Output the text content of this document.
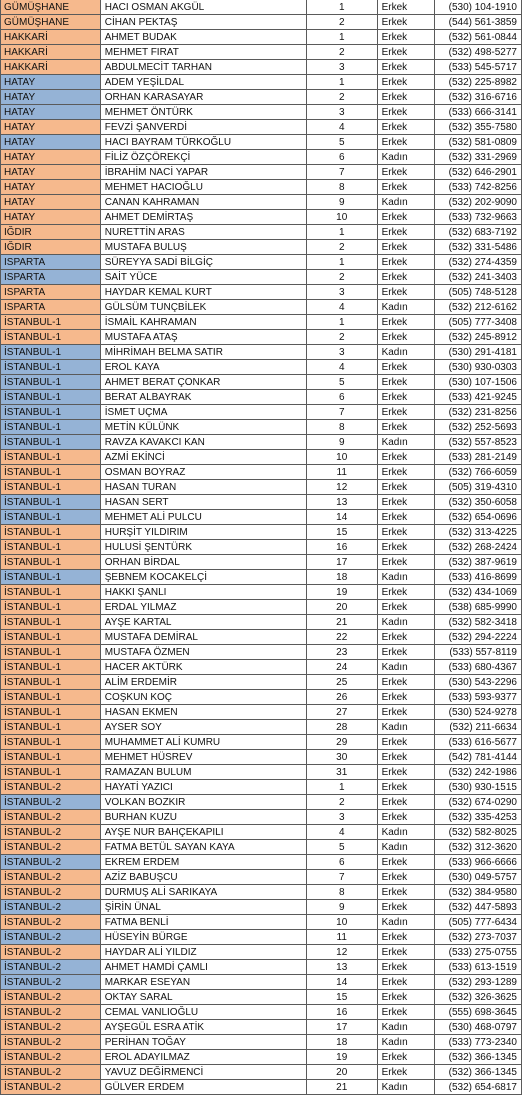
GÜMÜŞHANE	HACI OSMAN AKGÜL	1	Erkek	(530) 104-1910
GÜMÜŞHANE	CİHAN PEKTAŞ	2	Erkek	(544) 561-3859
HAKKARİ	AHMET BUDAK	1	Erkek	(532) 561-0844
HAKKARİ	MEHMET FIRAT	2	Erkek	(532) 498-5277
HAKKARİ	ABDULMECİT TARHAN	3	Erkek	(533) 545-5717
HATAY	ADEM YEŞİLDAL	1	Erkek	(532) 225-8982
HATAY	ORHAN KARASAYAR	2	Erkek	(532) 316-6716
HATAY	MEHMET ÖNTÜRK	3	Erkek	(533) 666-3141
HATAY	FEVZİ ŞANVERDİ	4	Erkek	(532) 355-7580
HATAY	HACI BAYRAM TÜRKOĞLU	5	Erkek	(532) 581-0809
HATAY	FİLİZ ÖZÇÖREKÇİ	6	Kadın	(532) 331-2969
HATAY	İBRAHİM NACİ YAPAR	7	Erkek	(532) 646-2901
HATAY	MEHMET HACIOĞLU	8	Erkek	(533) 742-8256
HATAY	CANAN KAHRAMAN	9	Kadın	(532) 202-9090
HATAY	AHMET DEMİRTAŞ	10	Erkek	(533) 732-9663
IĞDIR	NURETTİN ARAS	1	Erkek	(532) 683-7192
IĞDIR	MUSTAFA BULUŞ	2	Erkek	(532) 331-5486
ISPARTA	SÜREYYA SADİ BİLGİÇ	1	Erkek	(532) 274-4359
ISPARTA	SAİT YÜCE	2	Erkek	(532) 241-3403
ISPARTA	HAYDAR KEMAL KURT	3	Erkek	(505) 748-5128
ISPARTA	GÜLSÜM TUNÇBİLEK	4	Kadın	(532) 212-6162
İSTANBUL-1	İSMAİL KAHRAMAN	1	Erkek	(505) 777-3408
İSTANBUL-1	MUSTAFA ATAŞ	2	Erkek	(532) 245-8912
İSTANBUL-1	MİHRİMAH BELMA SATIR	3	Kadın	(530) 291-4181
İSTANBUL-1	EROL KAYA	4	Erkek	(530) 930-0303
İSTANBUL-1	AHMET BERAT ÇONKAR	5	Erkek	(530) 107-1506
İSTANBUL-1	BERAT ALBAYRAK	6	Erkek	(533) 421-9245
İSTANBUL-1	İSMET UÇMA	7	Erkek	(532) 231-8256
İSTANBUL-1	METİN KÜLÜNK	8	Erkek	(532) 252-5693
İSTANBUL-1	RAVZA KAVAKCI KAN	9	Kadın	(532) 557-8523
İSTANBUL-1	AZMİ EKİNCİ	10	Erkek	(533) 281-2149
İSTANBUL-1	OSMAN BOYRAZ	11	Erkek	(532) 766-6059
İSTANBUL-1	HASAN TURAN	12	Erkek	(505) 319-4310
İSTANBUL-1	HASAN SERT	13	Erkek	(532) 350-6058
İSTANBUL-1	MEHMET ALİ PULCU	14	Erkek	(532) 654-0696
İSTANBUL-1	HURŞİT YILDIRIM	15	Erkek	(532) 313-4225
İSTANBUL-1	HULUSİ ŞENTÜRK	16	Erkek	(532) 268-2424
İSTANBUL-1	ORHAN BİRDAL	17	Erkek	(532) 387-9619
İSTANBUL-1	ŞEBNEM KOCAKELÇİ	18	Kadın	(533) 416-8699
İSTANBUL-1	HAKKI ŞANLI	19	Erkek	(532) 434-1069
İSTANBUL-1	ERDAL YILMAZ	20	Erkek	(538) 685-9990
İSTANBUL-1	AYŞE KARTAL	21	Kadın	(532) 582-3418
İSTANBUL-1	MUSTAFA DEMİRAL	22	Erkek	(532) 294-2224
İSTANBUL-1	MUSTAFA ÖZMEN	23	Erkek	(533) 557-8119
İSTANBUL-1	HACER AKTÜRK	24	Kadın	(533) 680-4367
İSTANBUL-1	ALİM ERDEMİR	25	Erkek	(530) 543-2296
İSTANBUL-1	COŞKUN KOÇ	26	Erkek	(533) 593-9377
İSTANBUL-1	HASAN EKMEN	27	Erkek	(530) 524-9278
İSTANBUL-1	AYSER SOY	28	Kadın	(532) 211-6634
İSTANBUL-1	MUHAMMET ALİ KUMRU	29	Erkek	(533) 616-5677
İSTANBUL-1	MEHMET HÜSREV	30	Erkek	(542) 781-4144
İSTANBUL-1	RAMAZAN BULUM	31	Erkek	(532) 242-1986
İSTANBUL-2	HAYATİ YAZICI	1	Erkek	(530) 930-1515
İSTANBUL-2	VOLKAN BOZKIR	2	Erkek	(532) 674-0290
İSTANBUL-2	BURHAN KUZU	3	Erkek	(532) 335-4253
İSTANBUL-2	AYŞE NUR BAHÇEKAPILI	4	Kadın	(532) 582-8025
İSTANBUL-2	FATMA BETÜL SAYAN KAYA	5	Kadın	(532) 312-3620
İSTANBUL-2	EKREM ERDEM	6	Erkek	(533) 966-6666
İSTANBUL-2	AZİZ BABUŞCU	7	Erkek	(530) 049-5757
İSTANBUL-2	DURMUŞ ALİ SARIKAYA	8	Erkek	(532) 384-9580
İSTANBUL-2	ŞİRİN ÜNAL	9	Erkek	(532) 447-5893
İSTANBUL-2	FATMA BENLİ	10	Kadın	(505) 777-6434
İSTANBUL-2	HÜSEYİN BÜRGE	11	Erkek	(532) 273-7037
İSTANBUL-2	HAYDAR ALİ YILDIZ	12	Erkek	(533) 275-0755
İSTANBUL-2	AHMET HAMDİ ÇAMLI	13	Erkek	(533) 613-1519
İSTANBUL-2	MARKAR ESEYAN	14	Erkek	(532) 293-1289
İSTANBUL-2	OKTAY SARAL	15	Erkek	(532) 326-3625
İSTANBUL-2	CEMAL VANLIOĞLU	16	Erkek	(555) 698-3645
İSTANBUL-2	AYŞEGÜL ESRA ATİK	17	Kadın	(530) 468-0797
İSTANBUL-2	PERİHAN TOĞAY	18	Kadın	(533) 773-2340
İSTANBUL-2	EROL ADAYILMAZ	19	Erkek	(532) 366-1345
İSTANBUL-2	YAVUZ DEĞİRMENCİ	20	Erkek	(532) 366-1345
İSTANBUL-2	GÜLVER ERDEM	21	Kadın	(532) 654-6817
